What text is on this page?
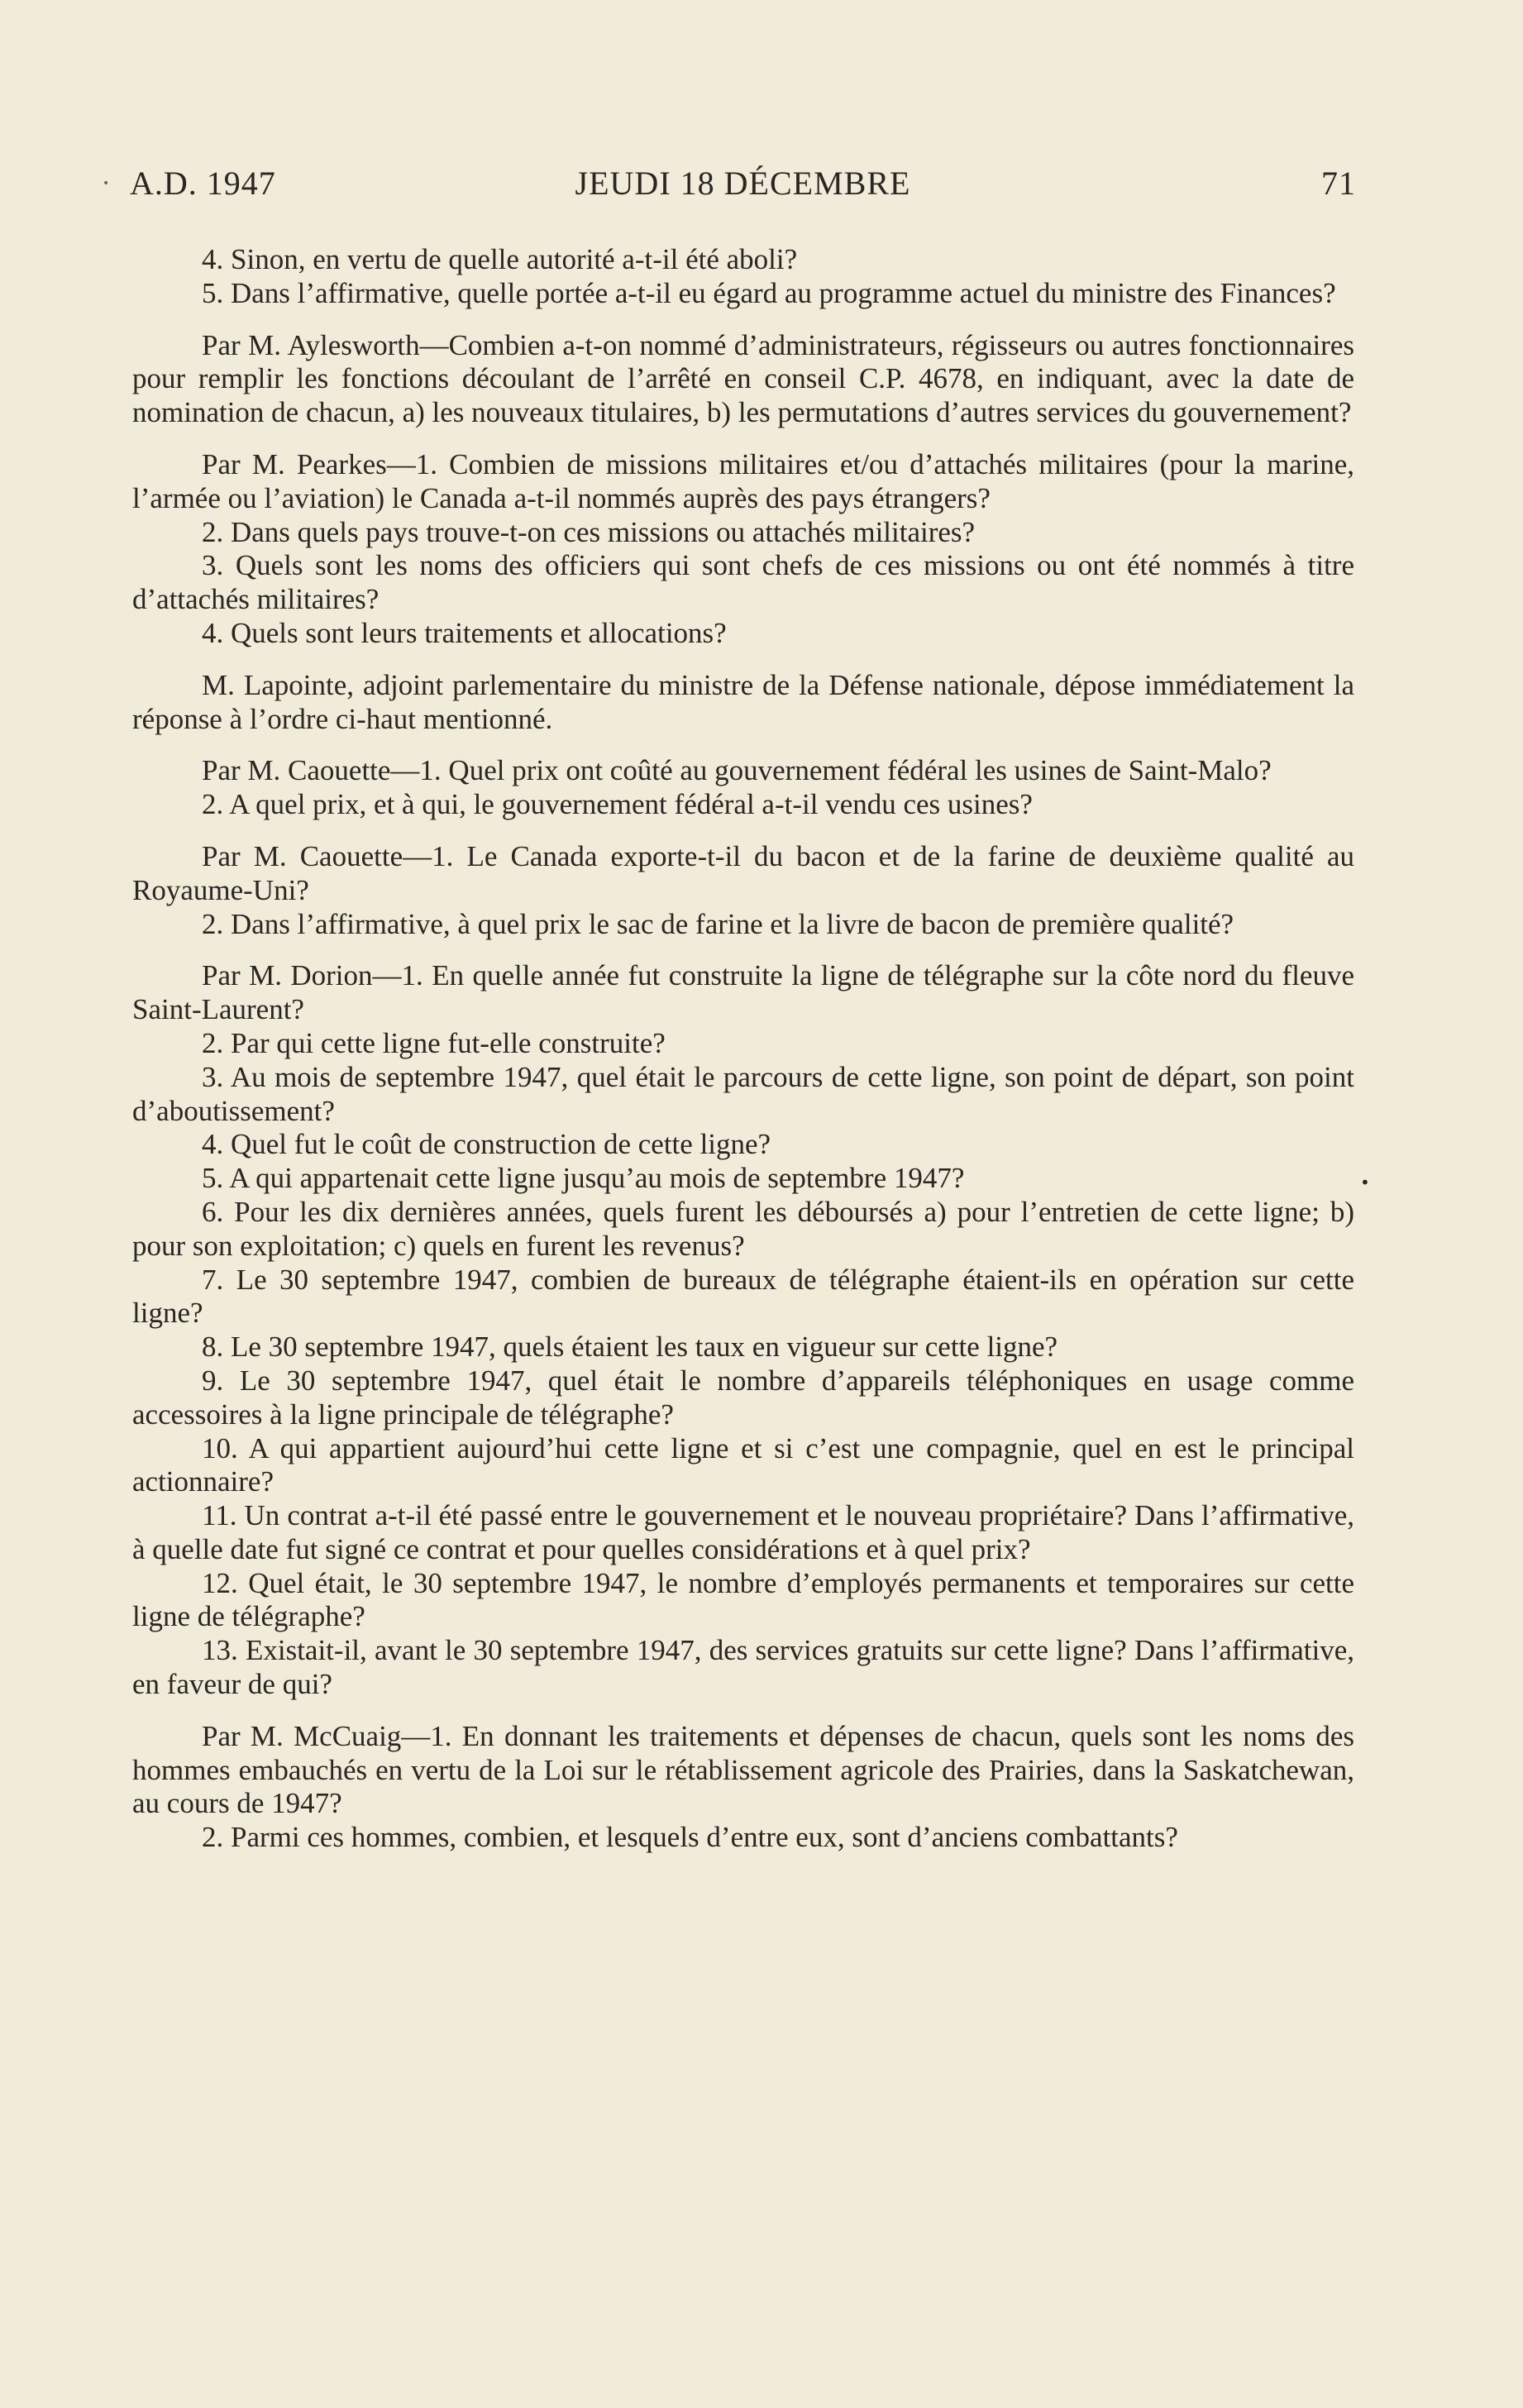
•
•
A.D. 1947	JEUDI 18 DÉCEMBRE	71

4. Sinon, en vertu de quelle autorité a-t-il été aboli?

5. Dans l’affirmative, quelle portée a-t-il eu égard au programme actuel du ministre des Finances?

Par M. Aylesworth—Combien a-t-on nommé d’administrateurs, régisseurs ou autres fonctionnaires pour remplir les fonctions découlant de l’arrêté en conseil C.P. 4678, en indiquant, avec la date de nomination de chacun, a) les nouveaux titulaires, b) les permutations d’autres services du gouvernement?

Par M. Pearkes—1. Combien de missions militaires et/ou d’attachés militaires (pour la marine, l’armée ou l’aviation) le Canada a-t-il nommés auprès des pays étrangers?

2. Dans quels pays trouve-t-on ces missions ou attachés militaires?

3. Quels sont les noms des officiers qui sont chefs de ces missions ou ont été nommés à titre d’attachés militaires?

4. Quels sont leurs traitements et allocations?

M. Lapointe, adjoint parlementaire du ministre de la Défense nationale, dépose immédiatement la réponse à l’ordre ci-haut mentionné.

Par M. Caouette—1. Quel prix ont coûté au gouvernement fédéral les usines de Saint-Malo?

2. A quel prix, et à qui, le gouvernement fédéral a-t-il vendu ces usines?

Par M. Caouette—1. Le Canada exporte-t-il du bacon et de la farine de deuxième qualité au Royaume-Uni?

2. Dans l’affirmative, à quel prix le sac de farine et la livre de bacon de première qualité?

Par M. Dorion—1. En quelle année fut construite la ligne de télégraphe sur la côte nord du fleuve Saint-Laurent?

2. Par qui cette ligne fut-elle construite?

3. Au mois de septembre 1947, quel était le parcours de cette ligne, son point de départ, son point d’aboutissement?

4. Quel fut le coût de construction de cette ligne?

5. A qui appartenait cette ligne jusqu’au mois de septembre 1947?

6. Pour les dix dernières années, quels furent les déboursés a) pour l’entretien de cette ligne; b) pour son exploitation; c) quels en furent les revenus?

7. Le 30 septembre 1947, combien de bureaux de télégraphe étaient-ils en opération sur cette ligne?

8. Le 30 septembre 1947, quels étaient les taux en vigueur sur cette ligne?

9. Le 30 septembre 1947, quel était le nombre d’appareils téléphoniques en usage comme accessoires à la ligne principale de télégraphe?

10. A qui appartient aujourd’hui cette ligne et si c’est une compagnie, quel en est le principal actionnaire?

11. Un contrat a-t-il été passé entre le gouvernement et le nouveau propriétaire? Dans l’affirmative, à quelle date fut signé ce contrat et pour quelles considérations et à quel prix?

12. Quel était, le 30 septembre 1947, le nombre d’employés permanents et temporaires sur cette ligne de télégraphe?

13. Existait-il, avant le 30 septembre 1947, des services gratuits sur cette ligne? Dans l’affirmative, en faveur de qui?

Par M. McCuaig—1. En donnant les traitements et dépenses de chacun, quels sont les noms des hommes embauchés en vertu de la Loi sur le rétablissement agricole des Prairies, dans la Saskatchewan, au cours de 1947?

2. Parmi ces hommes, combien, et lesquels d’entre eux, sont d’anciens combattants?
